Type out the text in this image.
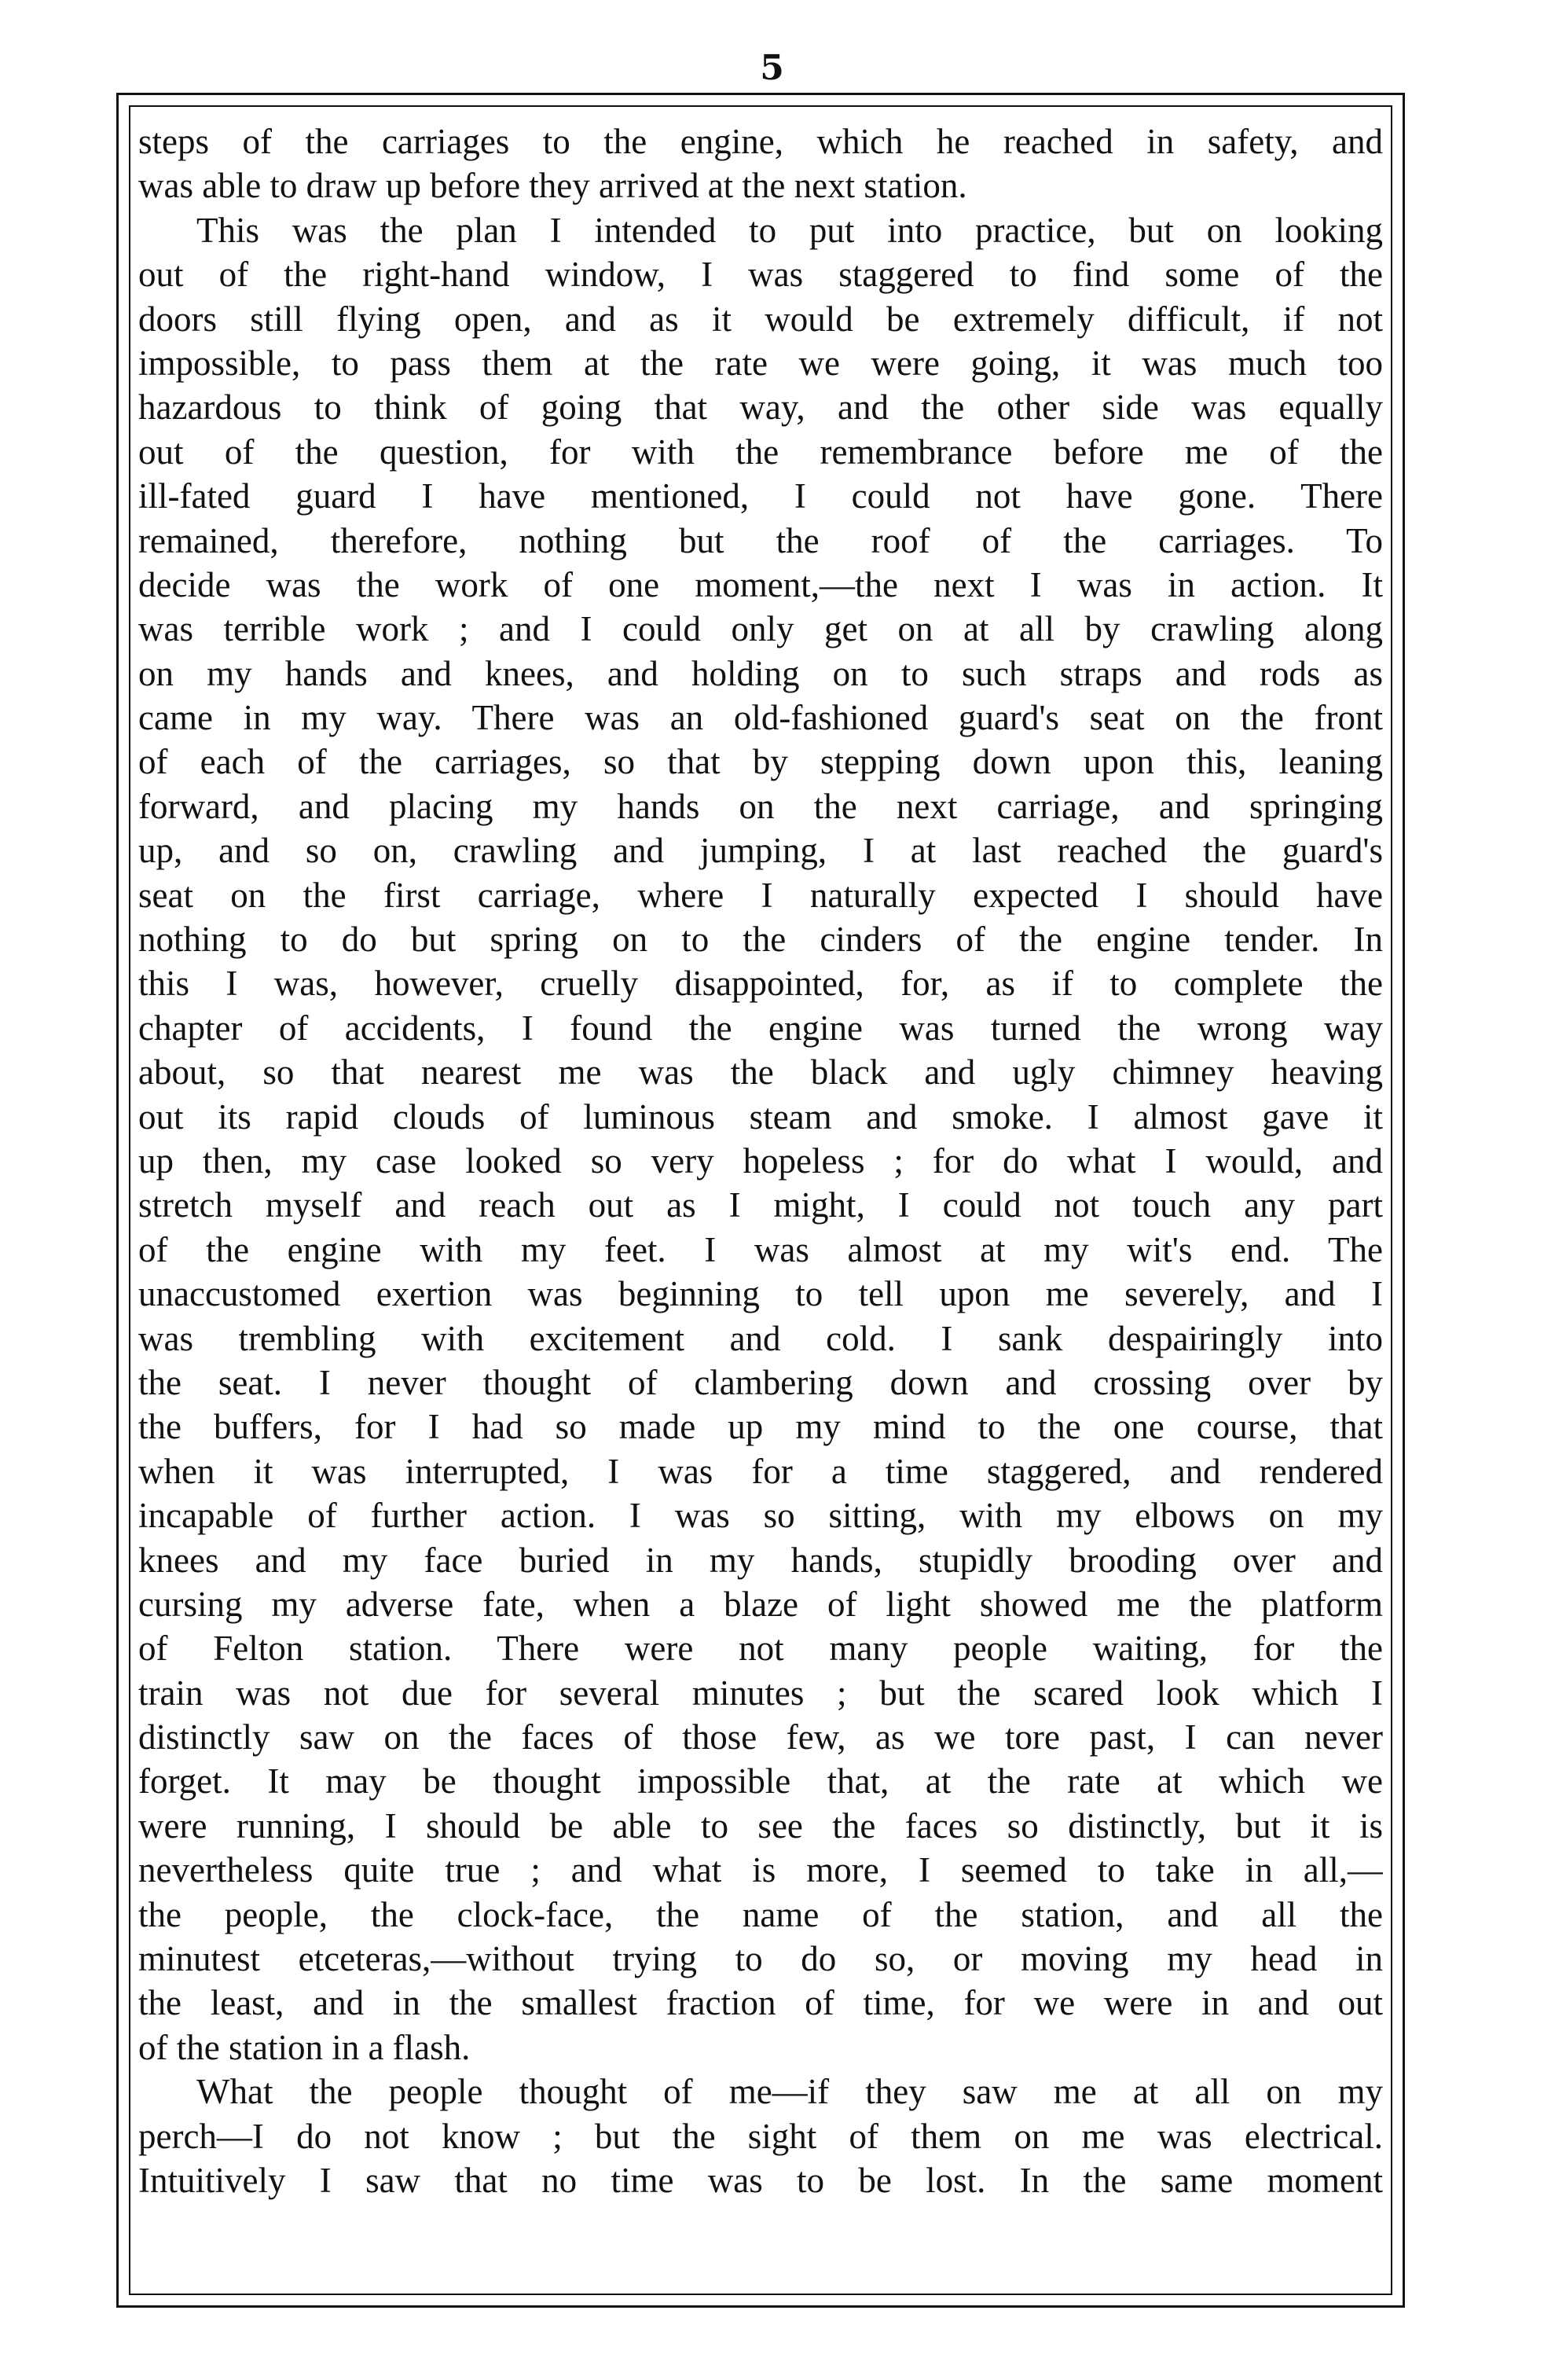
5
steps of the carriages to the engine, which he reached in safety, and
was able to draw up before they arrived at the next station.
This was the plan I intended to put into practice, but on looking
out of the right-hand window, I was staggered to find some of the
doors still flying open, and as it would be extremely difficult, if not
impossible, to pass them at the rate we were going, it was much too
hazardous to think of going that way, and the other side was equally
out of the question, for with the remembrance before me of the
ill-fated guard I have mentioned, I could not have gone. There
remained, therefore, nothing but the roof of the carriages. To
decide was the work of one moment,—the next I was in action. It
was terrible work ; and I could only get on at all by crawling along
on my hands and knees, and holding on to such straps and rods as
came in my way. There was an old-fashioned guard's seat on the front
of each of the carriages, so that by stepping down upon this, leaning
forward, and placing my hands on the next carriage, and springing
up, and so on, crawling and jumping, I at last reached the guard's
seat on the first carriage, where I naturally expected I should have
nothing to do but spring on to the cinders of the engine tender. In
this I was, however, cruelly disappointed, for, as if to complete the
chapter of accidents, I found the engine was turned the wrong way
about, so that nearest me was the black and ugly chimney heaving
out its rapid clouds of luminous steam and smoke. I almost gave it
up then, my case looked so very hopeless ; for do what I would, and
stretch myself and reach out as I might, I could not touch any part
of the engine with my feet. I was almost at my wit's end. The
unaccustomed exertion was beginning to tell upon me severely, and I
was trembling with excitement and cold. I sank despairingly into
the seat. I never thought of clambering down and crossing over by
the buffers, for I had so made up my mind to the one course, that
when it was interrupted, I was for a time staggered, and rendered
incapable of further action. I was so sitting, with my elbows on my
knees and my face buried in my hands, stupidly brooding over and
cursing my adverse fate, when a blaze of light showed me the platform
of Felton station. There were not many people waiting, for the
train was not due for several minutes ; but the scared look which I
distinctly saw on the faces of those few, as we tore past, I can never
forget. It may be thought impossible that, at the rate at which we
were running, I should be able to see the faces so distinctly, but it is
nevertheless quite true ; and what is more, I seemed to take in all,—
the people, the clock-face, the name of the station, and all the
minutest etceteras,—without trying to do so, or moving my head in
the least, and in the smallest fraction of time, for we were in and out
of the station in a flash.
What the people thought of me—if they saw me at all on my
perch—I do not know ; but the sight of them on me was electrical.
Intuitively I saw that no time was to be lost. In the same moment
